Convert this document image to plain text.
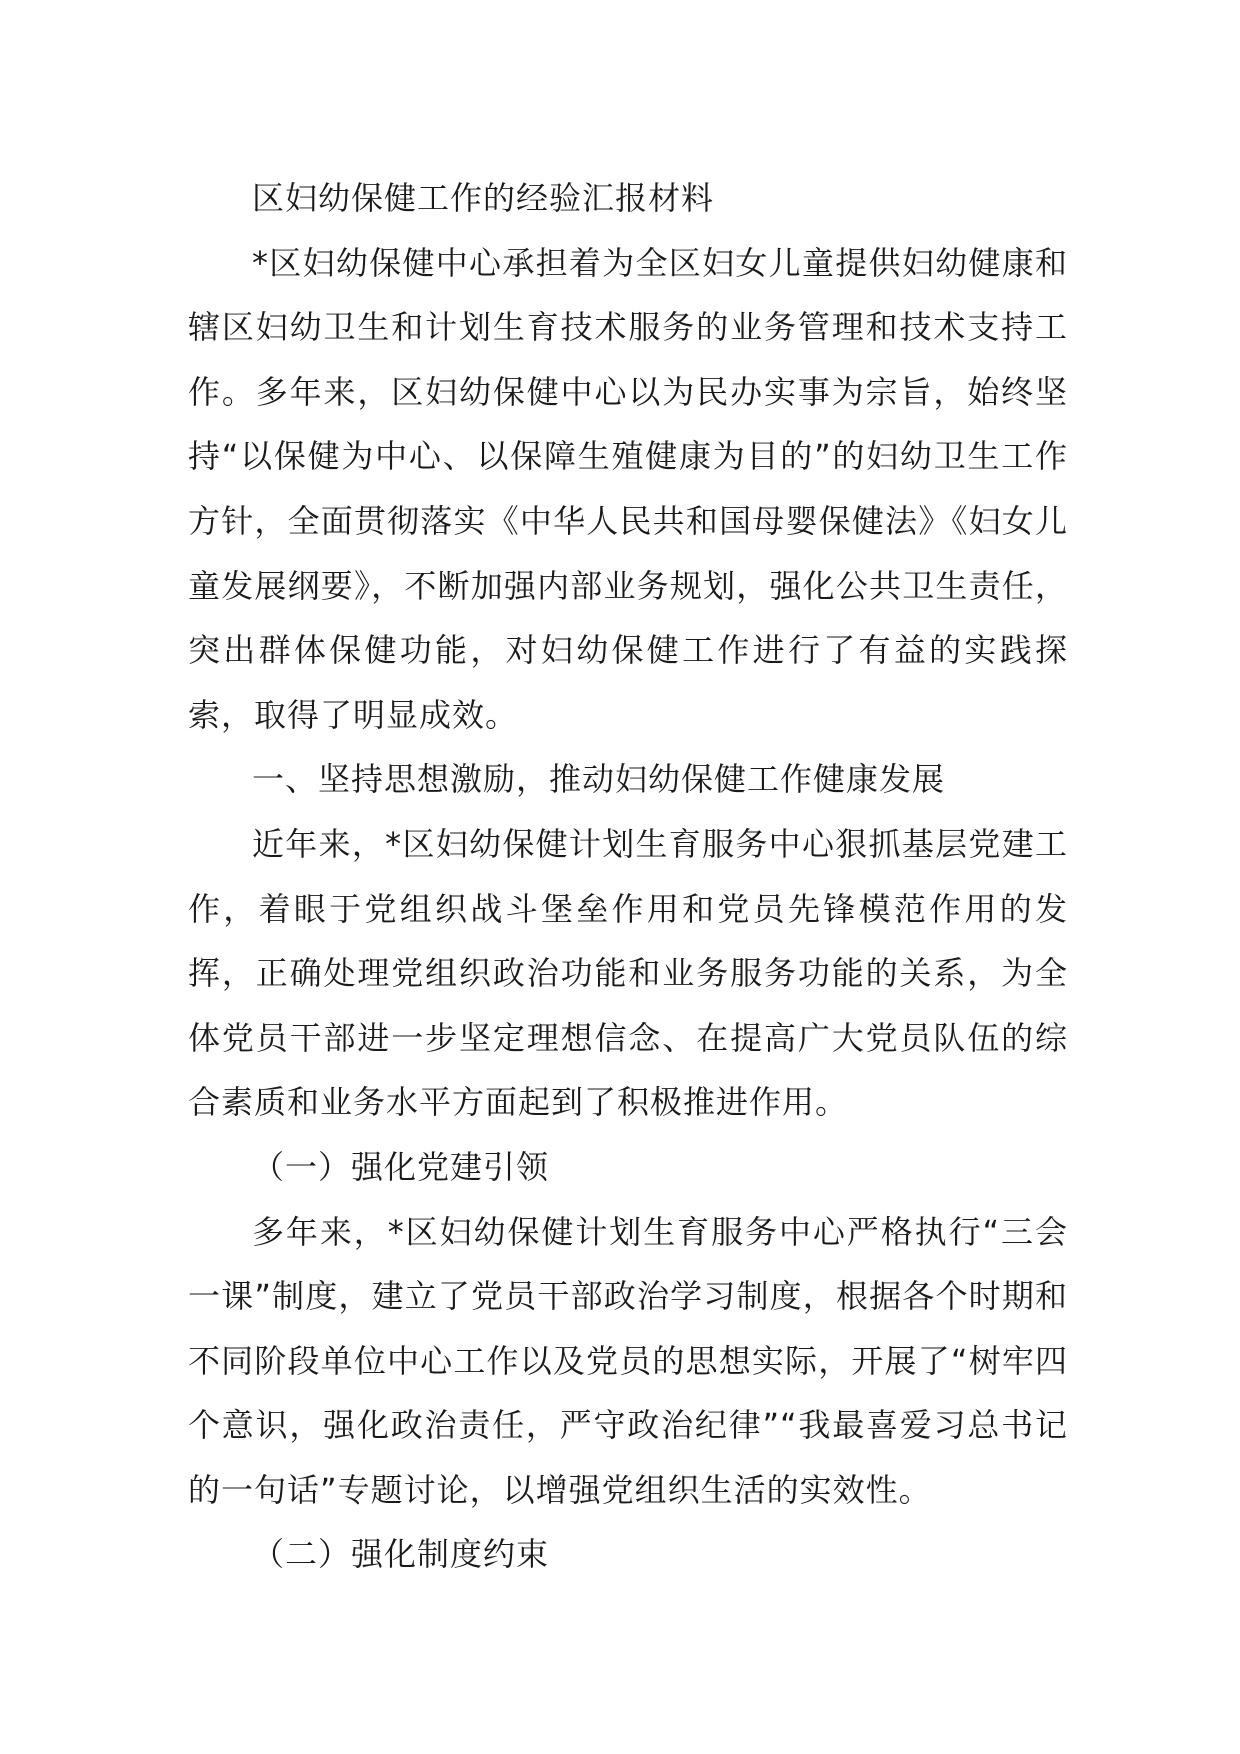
区妇幼保健工作的经验汇报材料

*区妇幼保健中心承担着为全区妇女儿童提供妇幼健康和辖区妇幼卫生和计划生育技术服务的业务管理和技术支持工作。多年来，区妇幼保健中心以为民办实事为宗旨，始终坚持“以保健为中心、以保障生殖健康为目的”的妇幼卫生工作方针，全面贯彻落实《中华人民共和国母婴保健法》《妇女儿童发展纲要》，不断加强内部业务规划，强化公共卫生责任，突出群体保健功能，对妇幼保健工作进行了有益的实践探索，取得了明显成效。

一、坚持思想激励，推动妇幼保健工作健康发展

近年来，*区妇幼保健计划生育服务中心狠抓基层党建工作，着眼于党组织战斗堡垒作用和党员先锋模范作用的发挥，正确处理党组织政治功能和业务服务功能的关系，为全体党员干部进一步坚定理想信念、在提高广大党员队伍的综合素质和业务水平方面起到了积极推进作用。

（一）强化党建引领

多年来，*区妇幼保健计划生育服务中心严格执行“三会一课”制度，建立了党员干部政治学习制度，根据各个时期和不同阶段单位中心工作以及党员的思想实际，开展了“树牢四个意识，强化政治责任，严守政治纪律”“我最喜爱习总书记的一句话”专题讨论，以增强党组织生活的实效性。

（二）强化制度约束
